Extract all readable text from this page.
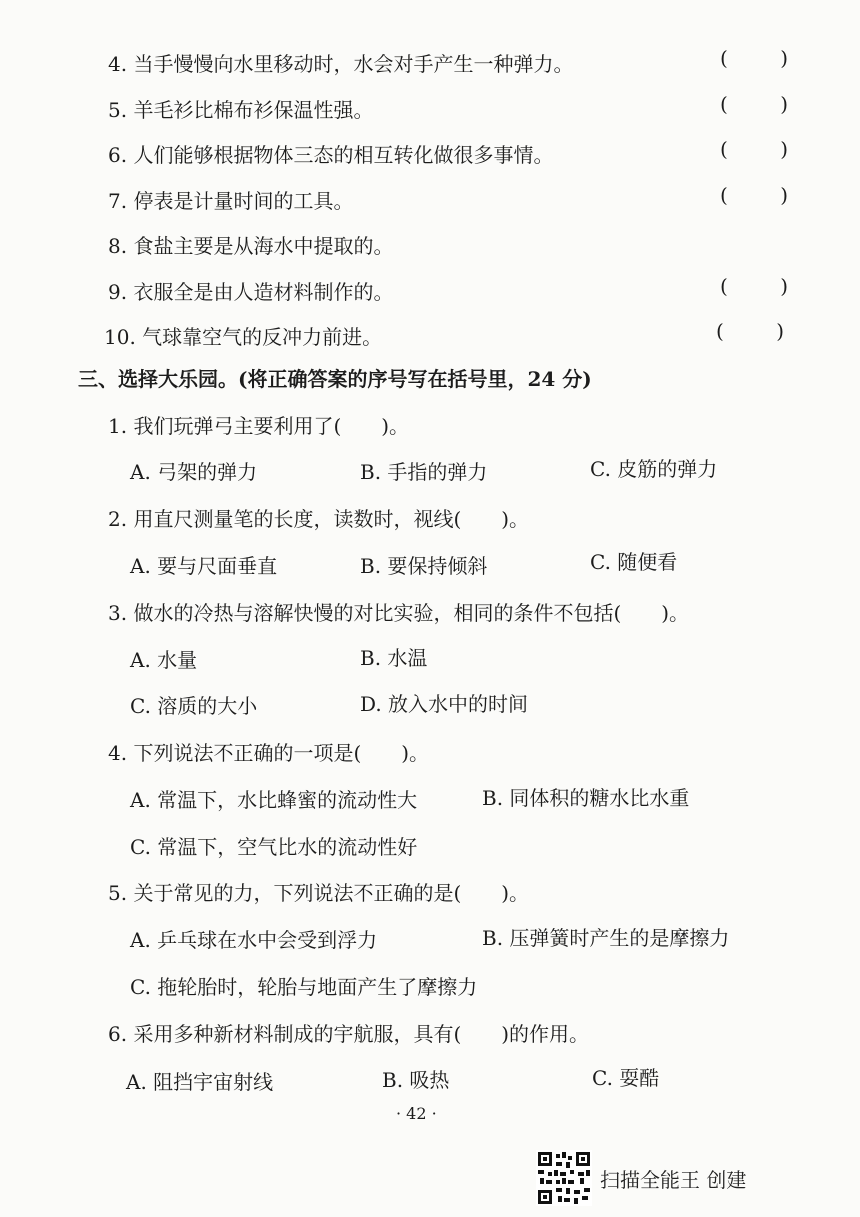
4. 当手慢慢向水里移动时，水会对手产生一种弹力。	(	)
5. 羊毛衫比棉布衫保温性强。	(	)
6. 人们能够根据物体三态的相互转化做很多事情。	(	)
7. 停表是计量时间的工具。	(	)
8. 食盐主要是从海水中提取的。
9. 衣服全是由人造材料制作的。	(	)
10. 气球靠空气的反冲力前进。	(	)
三、选择大乐园。(将正确答案的序号写在括号里，24 分)
1. 我们玩弹弓主要利用了(　　)。
A. 弓架的弹力	B. 手指的弹力	C. 皮筋的弹力
2. 用直尺测量笔的长度，读数时，视线(　　)。
A. 要与尺面垂直	B. 要保持倾斜	C. 随便看
3. 做水的冷热与溶解快慢的对比实验，相同的条件不包括(　　)。
A. 水量	B. 水温
C. 溶质的大小	D. 放入水中的时间
4. 下列说法不正确的一项是(　　)。
A. 常温下，水比蜂蜜的流动性大	B. 同体积的糖水比水重
C. 常温下，空气比水的流动性好
5. 关于常见的力，下列说法不正确的是(　　)。
A. 乒乓球在水中会受到浮力	B. 压弹簧时产生的是摩擦力
C. 拖轮胎时，轮胎与地面产生了摩擦力
6. 采用多种新材料制成的宇航服，具有(　　)的作用。
A. 阻挡宇宙射线	B. 吸热	C. 耍酷
· 42 ·
扫描全能王 创建
